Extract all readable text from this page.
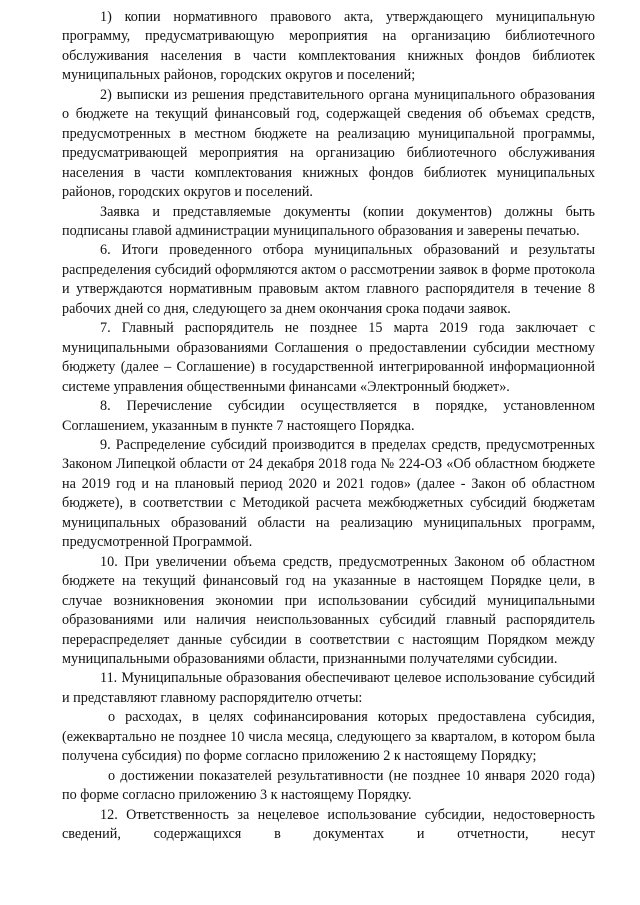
1) копии нормативного правового акта, утверждающего муниципальную программу, предусматривающую мероприятия на организацию библиотечного обслуживания населения в части комплектования книжных фондов библиотек муниципальных районов, городских округов и поселений;

2) выписки из решения представительного органа муниципального образования о бюджете на текущий финансовый год, содержащей сведения об объемах средств, предусмотренных в местном бюджете на реализацию муниципальной программы, предусматривающей мероприятия на организацию библиотечного обслуживания населения в части комплектования книжных фондов библиотек муниципальных районов, городских округов и поселений.

Заявка и представляемые документы (копии документов) должны быть подписаны главой администрации муниципального образования и заверены печатью.

6. Итоги проведенного отбора муниципальных образований и результаты распределения субсидий оформляются актом о рассмотрении заявок в форме протокола и утверждаются нормативным правовым актом главного распорядителя в течение 8 рабочих дней со дня, следующего за днем окончания срока подачи заявок.

7. Главный распорядитель не позднее 15 марта 2019 года заключает с муниципальными образованиями Соглашения о предоставлении субсидии местному бюджету (далее – Соглашение) в государственной интегрированной информационной системе управления общественными финансами «Электронный бюджет».

8. Перечисление субсидии осуществляется в порядке, установленном Соглашением, указанным в пункте 7 настоящего Порядка.

9. Распределение субсидий производится в пределах средств, предусмотренных Законом Липецкой области от 24 декабря 2018 года № 224-ОЗ «Об областном бюджете на 2019 год и на плановый период 2020 и 2021 годов» (далее - Закон об областном бюджете), в соответствии с Методикой расчета межбюджетных субсидий бюджетам муниципальных образований области на реализацию муниципальных программ, предусмотренной Программой.

10. При увеличении объема средств, предусмотренных Законом об областном бюджете на текущий финансовый год на указанные в настоящем Порядке цели, в случае возникновения экономии при использовании субсидий муниципальными образованиями или наличия неиспользованных субсидий главный распорядитель перераспределяет данные субсидии в соответствии с настоящим Порядком между муниципальными образованиями области, признанными получателями субсидии.

11. Муниципальные образования обеспечивают целевое использование субсидий и представляют главному распорядителю отчеты:

о расходах, в целях софинансирования которых предоставлена субсидия, (ежеквартально не позднее 10 числа месяца, следующего за кварталом, в котором была получена субсидия) по форме согласно приложению 2 к настоящему Порядку;

о достижении показателей результативности (не позднее 10 января 2020 года) по форме согласно приложению 3 к настоящему Порядку.

12. Ответственность за нецелевое использование субсидии, недостоверность сведений, содержащихся в документах и отчетности, несут
